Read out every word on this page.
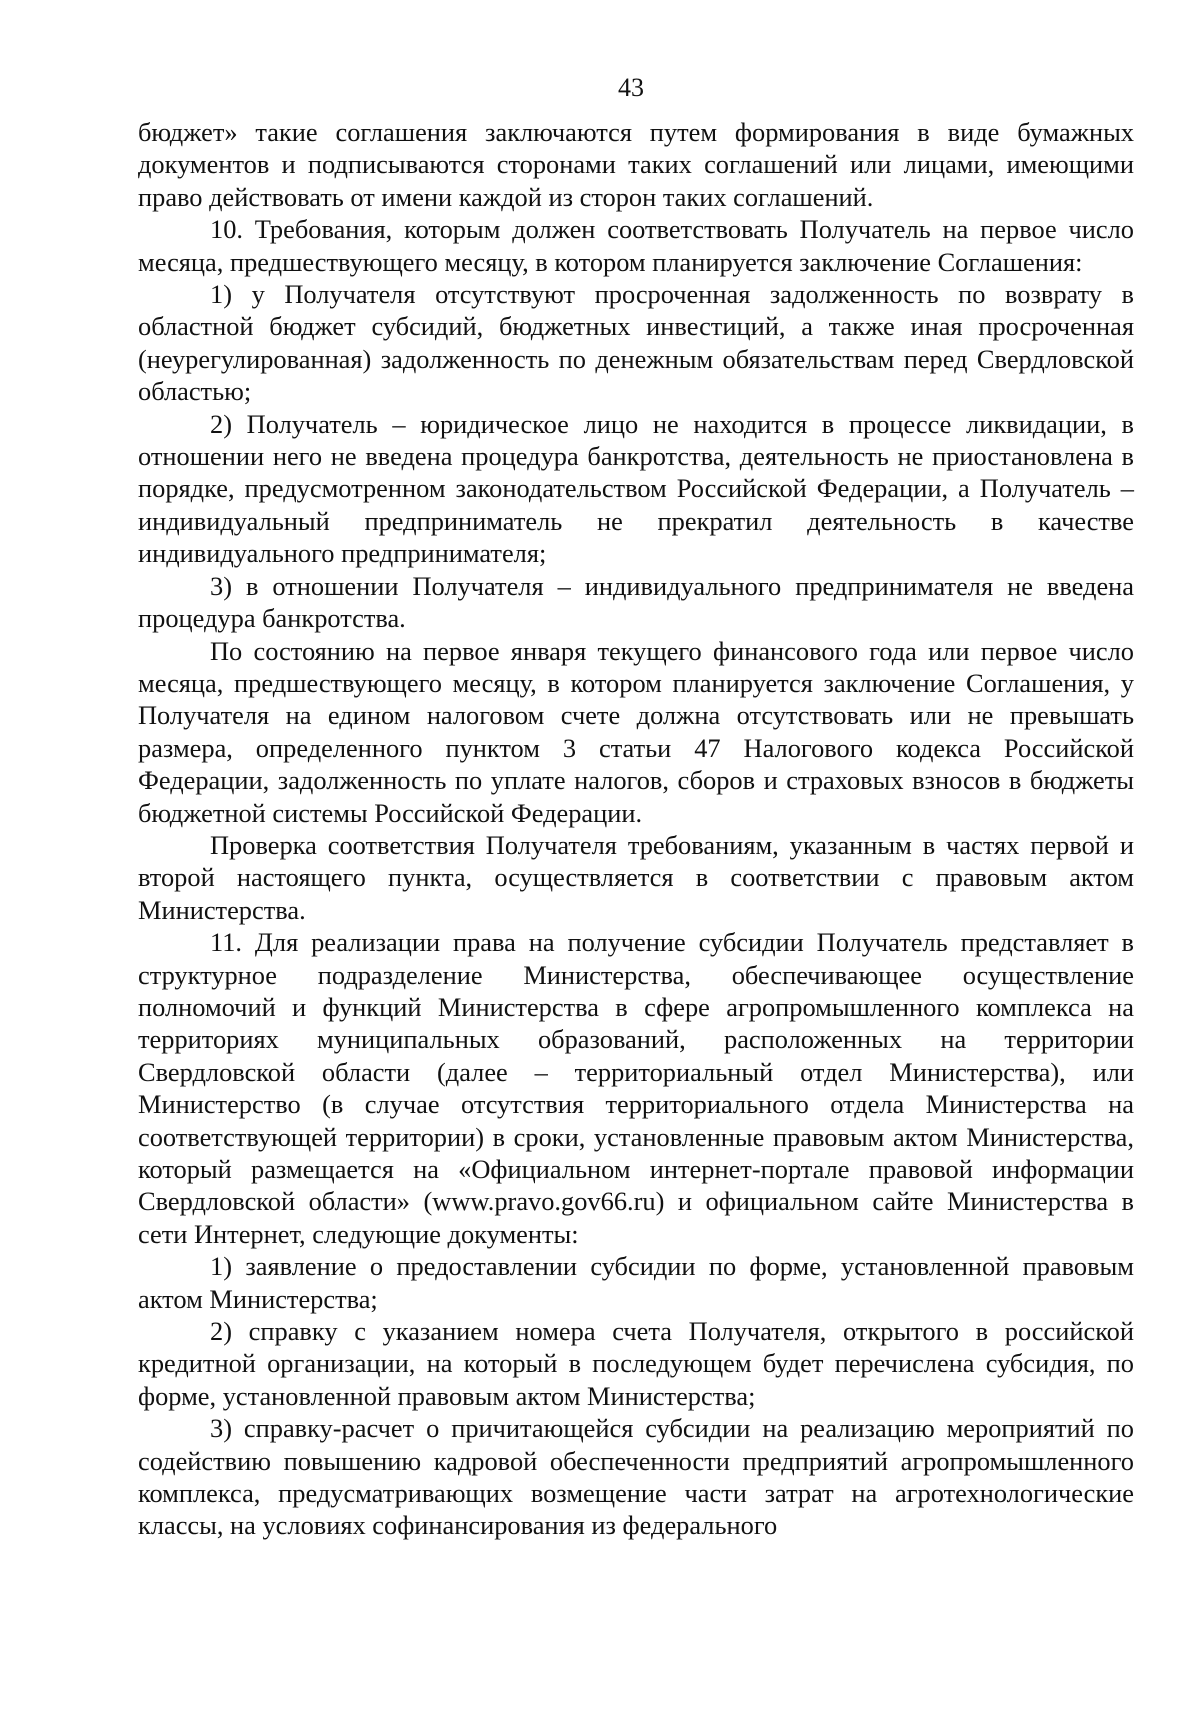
43

бюджет» такие соглашения заключаются путем формирования в виде бумажных документов и подписываются сторонами таких соглашений или лицами, имеющими право действовать от имени каждой из сторон таких соглашений.

10. Требования, которым должен соответствовать Получатель на первое число месяца, предшествующего месяцу, в котором планируется заключение Соглашения:

1) у Получателя отсутствуют просроченная задолженность по возврату в областной бюджет субсидий, бюджетных инвестиций, а также иная просроченная (неурегулированная) задолженность по денежным обязательствам перед Свердловской областью;

2) Получатель – юридическое лицо не находится в процессе ликвидации, в отношении него не введена процедура банкротства, деятельность не приостановлена в порядке, предусмотренном законодательством Российской Федерации, а Получатель – индивидуальный предприниматель не прекратил деятельность в качестве индивидуального предпринимателя;

3) в отношении Получателя – индивидуального предпринимателя не введена процедура банкротства.

По состоянию на первое января текущего финансового года или первое число месяца, предшествующего месяцу, в котором планируется заключение Соглашения, у Получателя на едином налоговом счете должна отсутствовать или не превышать размера, определенного пунктом 3 статьи 47 Налогового кодекса Российской Федерации, задолженность по уплате налогов, сборов и страховых взносов в бюджеты бюджетной системы Российской Федерации.

Проверка соответствия Получателя требованиям, указанным в частях первой и второй настоящего пункта, осуществляется в соответствии с правовым актом Министерства.

11. Для реализации права на получение субсидии Получатель представляет в структурное подразделение Министерства, обеспечивающее осуществление полномочий и функций Министерства в сфере агропромышленного комплекса на территориях муниципальных образований, расположенных на территории Свердловской области (далее – территориальный отдел Министерства), или Министерство (в случае отсутствия территориального отдела Министерства на соответствующей территории) в сроки, установленные правовым актом Министерства, который размещается на «Официальном интернет-портале правовой информации Свердловской области» (www.pravo.gov66.ru) и официальном сайте Министерства в сети Интернет, следующие документы:

1) заявление о предоставлении субсидии по форме, установленной правовым актом Министерства;

2) справку с указанием номера счета Получателя, открытого в российской кредитной организации, на который в последующем будет перечислена субсидия, по форме, установленной правовым актом Министерства;

3) справку-расчет о причитающейся субсидии на реализацию мероприятий по содействию повышению кадровой обеспеченности предприятий агропромышленного комплекса, предусматривающих возмещение части затрат на агротехнологические классы, на условиях софинансирования из федерального
